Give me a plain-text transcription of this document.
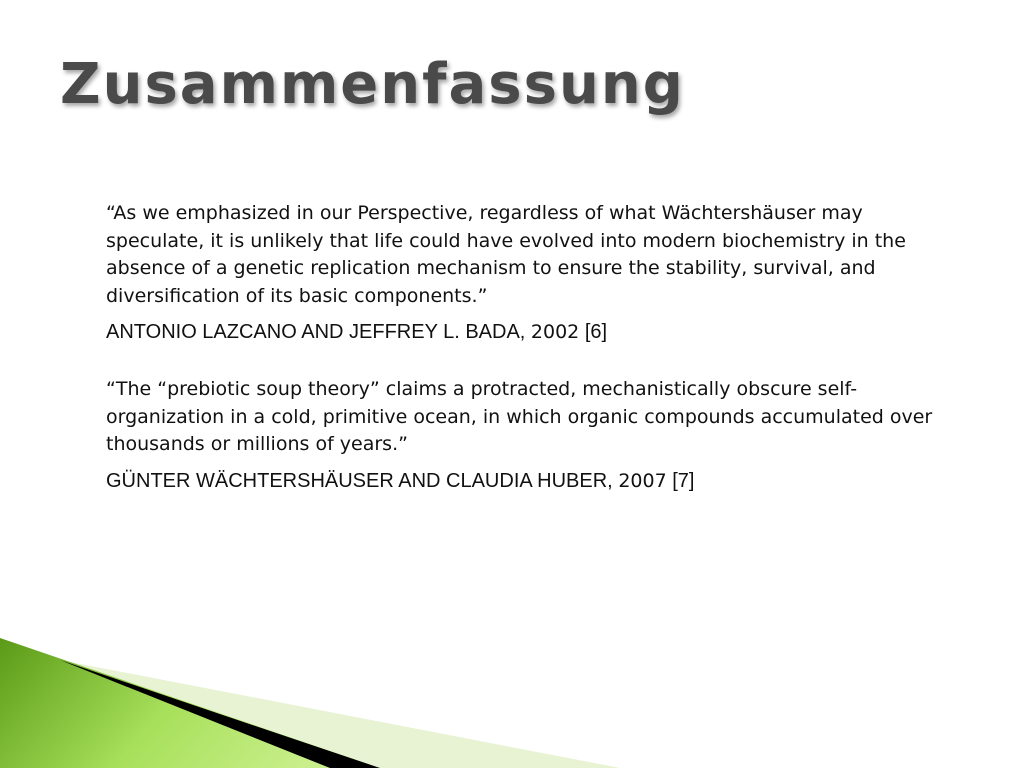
Zusammenfassung

“As we emphasized in our Perspective, regardless of what Wächtershäuser may speculate, it is unlikely that life could have evolved into modern biochemistry in the absence of a genetic replication mechanism to ensure the stability, survival, and diversification of its basic components.”

ANTONIO LAZCANO AND JEFFREY L. BADA, 2002 [6]

“The “prebiotic soup theory” claims a protracted, mechanistically obscure self-organization in a cold, primitive ocean, in which organic compounds accumulated over thousands or millions of years.”

GÜNTER WÄCHTERSHÄUSER AND CLAUDIA HUBER, 2007 [7]
